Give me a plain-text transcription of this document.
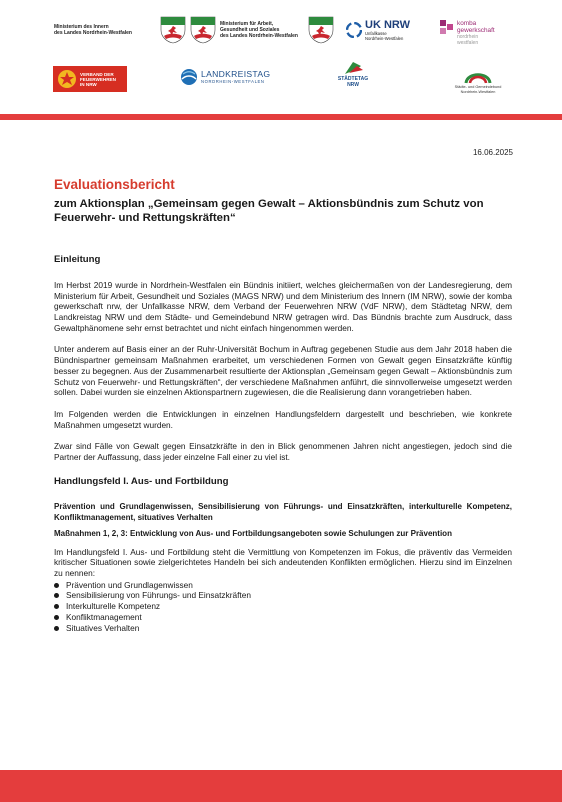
Ministerium des Innern
des Landes Nordrhein-Westfalen
Ministerium für Arbeit,
Gesundheit und Soziales
des Landes Nordrhein-Westfalen
UK NRW
Unfallkasse
Nordrhein-Westfalen
komba
gewerkschaft
nordrhein
westfalen
VERBAND DER
FEUERWEHREN
IN NRW
LANDKREISTAG
NORDRHEIN-WESTFALEN	STÄDTETAG
NRW	Städte- und Gemeindebund
Nordrhein-Westfalen
16.06.2025
Evaluationsbericht
zum Aktionsplan „Gemeinsam gegen Gewalt – Aktionsbündnis zum Schutz von Feuerwehr- und Rettungskräften“
Einleitung

Im Herbst 2019 wurde in Nordrhein-Westfalen ein Bündnis initiiert, welches gleichermaßen von der Landesregierung, dem Ministerium für Arbeit, Gesundheit und Soziales (MAGS NRW) und dem Ministerium des Innern (IM NRW), sowie der komba gewerkschaft nrw, der Unfallkasse NRW, dem Verband der Feuerwehren NRW (VdF NRW), dem Städtetag NRW, dem Landkreistag NRW und dem Städte- und Gemeindebund NRW getragen wird. Das Bündnis brachte zum Ausdruck, dass Gewaltphänomene sehr ernst betrachtet und nicht einfach hingenommen werden.

Unter anderem auf Basis einer an der Ruhr-Universität Bochum in Auftrag gegebenen Studie aus dem Jahr 2018 haben die Bündnispartner gemeinsam Maßnahmen erarbeitet, um verschiedenen Formen von Gewalt gegen Einsatzkräfte künftig besser zu begegnen. Aus der Zusammenarbeit resultierte der Aktionsplan „Gemeinsam gegen Gewalt – Aktionsbündnis zum Schutz von Feuerwehr- und Rettungskräften“, der verschiedene Maßnahmen anführt, die sinnvollerweise umgesetzt werden sollen. Dabei wurden sie einzelnen Aktionspartnern zugewiesen, die die Realisierung dann vorangetrieben haben.

Im Folgenden werden die Entwicklungen in einzelnen Handlungsfeldern dargestellt und beschrieben, wie konkrete Maßnahmen umgesetzt wurden.

Zwar sind Fälle von Gewalt gegen Einsatzkräfte in den in Blick genommenen Jahren nicht angestiegen, jedoch sind die Partner der Auffassung, dass jeder einzelne Fall einer zu viel ist.

Handlungsfeld I. Aus- und Fortbildung

Prävention und Grundlagenwissen, Sensibilisierung von Führungs- und Einsatzkräften, interkulturelle Kompetenz, Konfliktmanagement, situatives Verhalten

Maßnahmen 1, 2, 3: Entwicklung von Aus- und Fortbildungsangeboten sowie Schulungen zur Prävention

Im Handlungsfeld I. Aus- und Fortbildung steht die Vermittlung von Kompetenzen im Fokus, die präventiv das Vermeiden kritischer Situationen sowie zielgerichtetes Handeln bei sich andeutenden Konflikten ermöglichen. Hierzu sind im Einzelnen zu nennen:

Prävention und Grundlagenwissen
Sensibilisierung von Führungs- und Einsatzkräften
Interkulturelle Kompetenz
Konfliktmanagement
Situatives Verhalten
